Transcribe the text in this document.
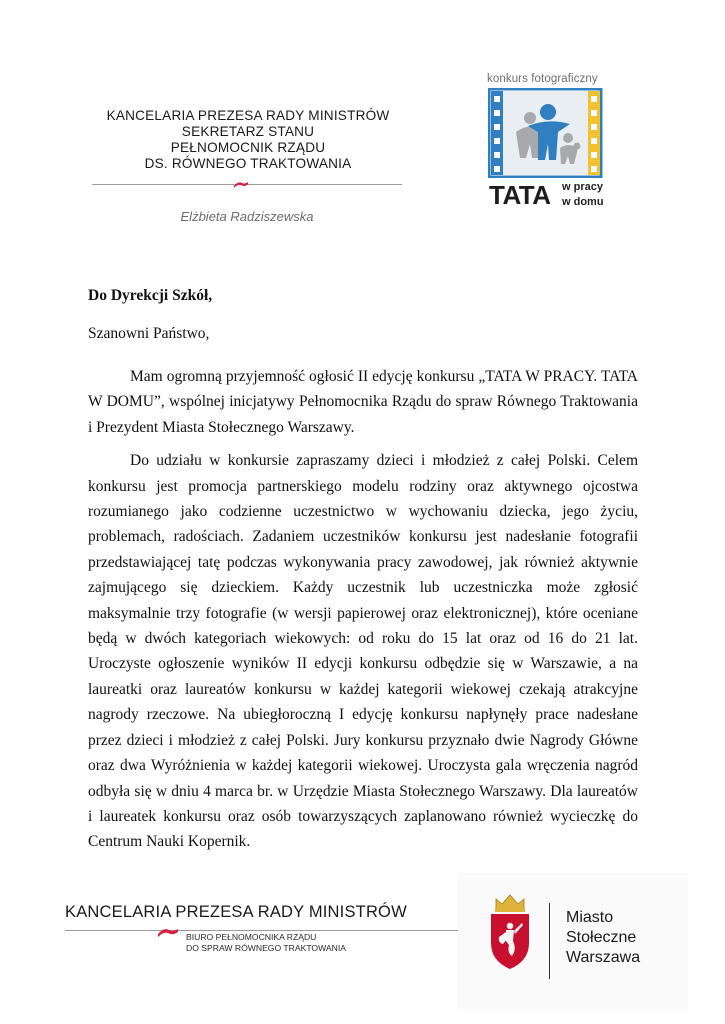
KANCELARIA PREZESA RADY MINISTRÓW
SEKRETARZ STANU
PEŁNOMOCNIK RZĄDU
DS. RÓWNEGO TRAKTOWANIA
Elżbieta Radziszewska
konkurs fotograficzny
TATA w pracy
w domu
Do Dyrekcji Szkół,
Szanowni Państwo,

Mam ogromną przyjemność ogłosić II edycję konkursu „TATA W PRACY. TATA W DOMU”, wspólnej inicjatywy Pełnomocnika Rządu do spraw Równego Traktowania i Prezydent Miasta Stołecznego Warszawy.

Do udziału w konkursie zapraszamy dzieci i młodzież z całej Polski. Celem konkursu jest promocja partnerskiego modelu rodziny oraz aktywnego ojcostwa rozumianego jako codzienne uczestnictwo w wychowaniu dziecka, jego życiu, problemach, radościach. Zadaniem uczestników konkursu jest nadesłanie fotografii przedstawiającej tatę podczas wykonywania pracy zawodowej, jak również aktywnie zajmującego się dzieckiem. Każdy uczestnik lub uczestniczka może zgłosić maksymalnie trzy fotografie (w wersji papierowej oraz elektronicznej), które oceniane będą w dwóch kategoriach wiekowych: od roku do 15 lat oraz od 16 do 21 lat. Uroczyste ogłoszenie wyników II edycji konkursu odbędzie się w Warszawie, a na laureatki oraz laureatów konkursu w każdej kategorii wiekowej czekają atrakcyjne nagrody rzeczowe. Na ubiegłoroczną I edycję konkursu napłynęły prace nadesłane przez dzieci i młodzież z całej Polski. Jury konkursu przyznało dwie Nagrody Główne oraz dwa Wyróżnienia w każdej kategorii wiekowej. Uroczysta gala wręczenia nagród odbyła się w dniu 4 marca br. w Urzędzie Miasta Stołecznego Warszawy. Dla laureatów i laureatek konkursu oraz osób towarzyszących zaplanowano również wycieczkę do Centrum Nauki Kopernik.

KANCELARIA PREZESA RADY MINISTRÓW
BIURO PEŁNOMOCNIKA RZĄDU
DO SPRAW RÓWNEGO TRAKTOWANIA
Miasto
Stołeczne
Warszawa
